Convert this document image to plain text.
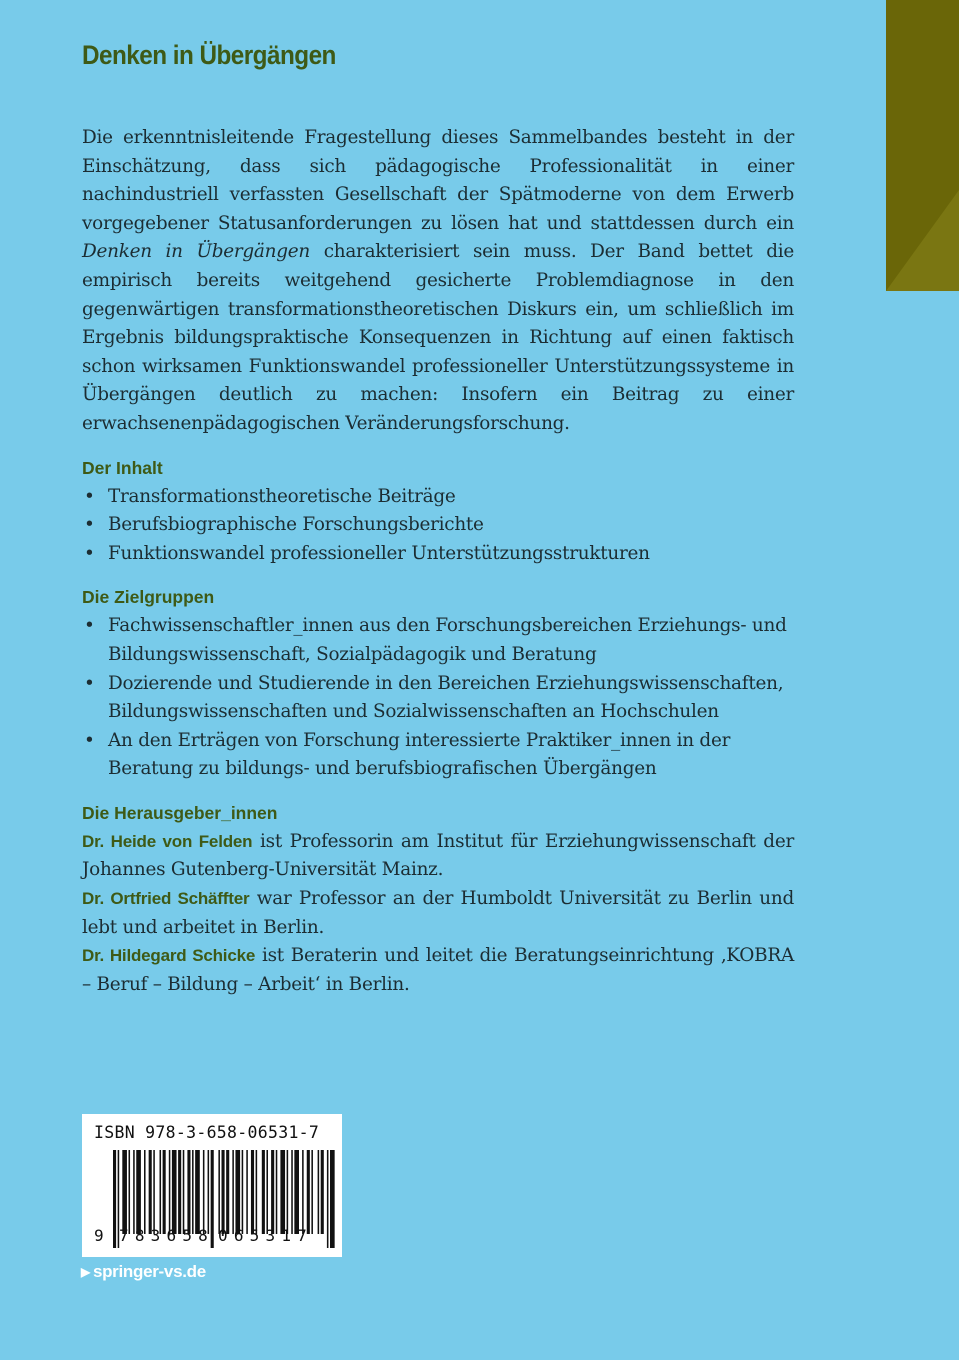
Denken in Übergängen

Die erkenntnisleitende Fragestellung dieses Sammelbandes besteht in der Einschätzung, dass sich pädagogische Professionalität in einer nachindustriell verfassten Gesellschaft der Spätmoderne von dem Erwerb vorgegebener Statusanforderungen zu lösen hat und stattdessen durch ein Denken in Übergängen charakterisiert sein muss. Der Band bettet die empirisch bereits weitgehend gesicherte Problemdiagnose in den gegenwärtigen transformationstheoretischen Diskurs ein, um schließlich im Ergebnis bildungspraktische Konsequenzen in Richtung auf einen faktisch schon wirksamen Funktionswandel professioneller Unterstützungssysteme in Übergängen deutlich zu machen: Insofern ein Beitrag zu einer erwachsenenpädagogischen Veränderungsforschung.

Der Inhalt
• Transformationstheoretische Beiträge
• Berufsbiographische Forschungsberichte
• Funktionswandel professioneller Unterstützungsstrukturen
Die Zielgruppen
• Fachwissenschaftler_innen aus den Forschungsbereichen Erziehungs- und Bildungswissenschaft, Sozialpädagogik und Beratung
• Dozierende und Studierende in den Bereichen Erziehungswissenschaften, Bildungswissenschaften und Sozialwissenschaften an Hochschulen
• An den Erträgen von Forschung interessierte Praktiker_innen in der Beratung zu bildungs- und berufsbiografischen Übergängen
Die Herausgeber_innen

Dr. Heide von Felden ist Professorin am Institut für Erziehungwissenschaft der Johannes Gutenberg-Universität Mainz.

Dr. Ortfried Schäffter war Professor an der Humboldt Universität zu Berlin und lebt und arbeitet in Berlin.

Dr. Hildegard Schicke ist Beraterin und leitet die Beratungseinrichtung ‚KOBRA – Beruf – Bildung – Arbeit‘ in Berlin.

ISBN 978-3-658-06531-7
9 783658 065317
▶ springer-vs.de
